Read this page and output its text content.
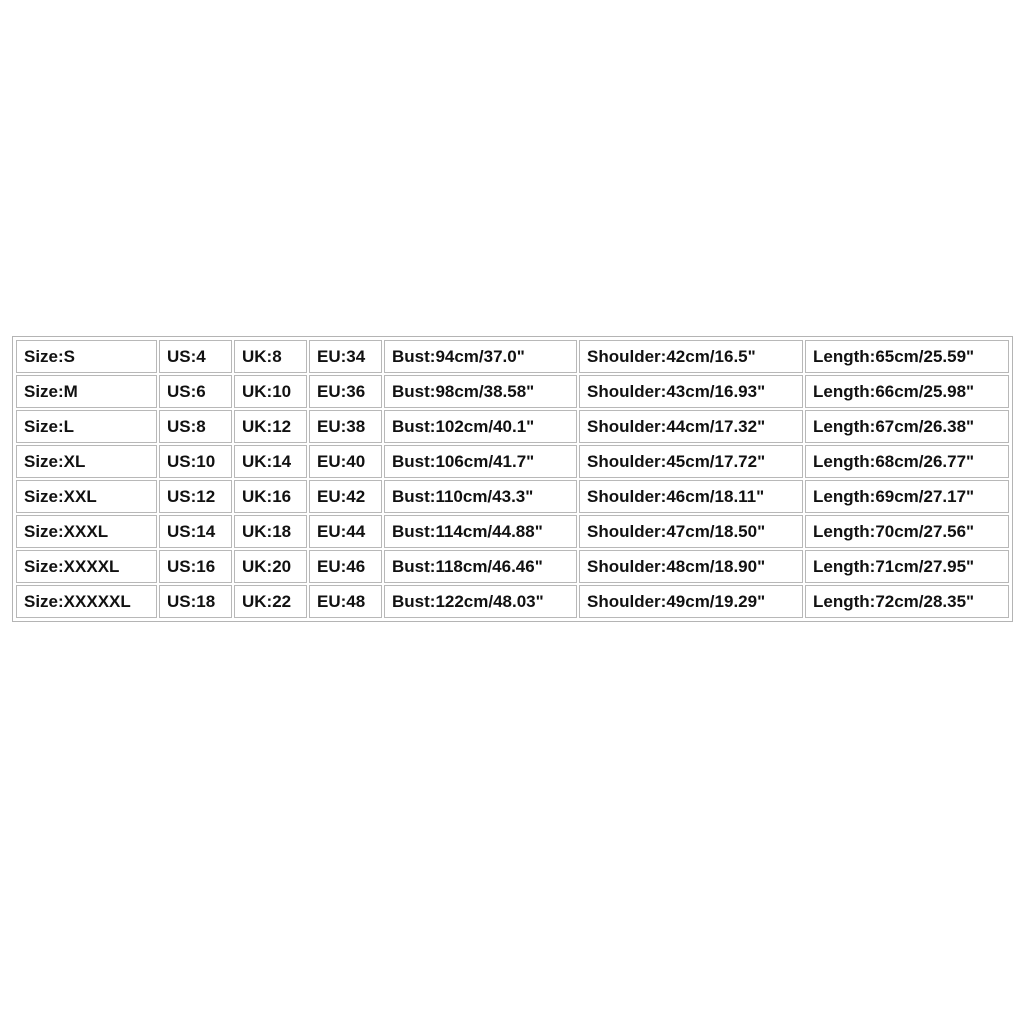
Size:S	US:4	UK:8	EU:34	Bust:94cm/37.0"	Shoulder:42cm/16.5"	Length:65cm/25.59"
Size:M	US:6	UK:10	EU:36	Bust:98cm/38.58"	Shoulder:43cm/16.93"	Length:66cm/25.98"
Size:L	US:8	UK:12	EU:38	Bust:102cm/40.1"	Shoulder:44cm/17.32"	Length:67cm/26.38"
Size:XL	US:10	UK:14	EU:40	Bust:106cm/41.7"	Shoulder:45cm/17.72"	Length:68cm/26.77"
Size:XXL	US:12	UK:16	EU:42	Bust:110cm/43.3"	Shoulder:46cm/18.11"	Length:69cm/27.17"
Size:XXXL	US:14	UK:18	EU:44	Bust:114cm/44.88"	Shoulder:47cm/18.50"	Length:70cm/27.56"
Size:XXXXL	US:16	UK:20	EU:46	Bust:118cm/46.46"	Shoulder:48cm/18.90"	Length:71cm/27.95"
Size:XXXXXL	US:18	UK:22	EU:48	Bust:122cm/48.03"	Shoulder:49cm/19.29"	Length:72cm/28.35"
